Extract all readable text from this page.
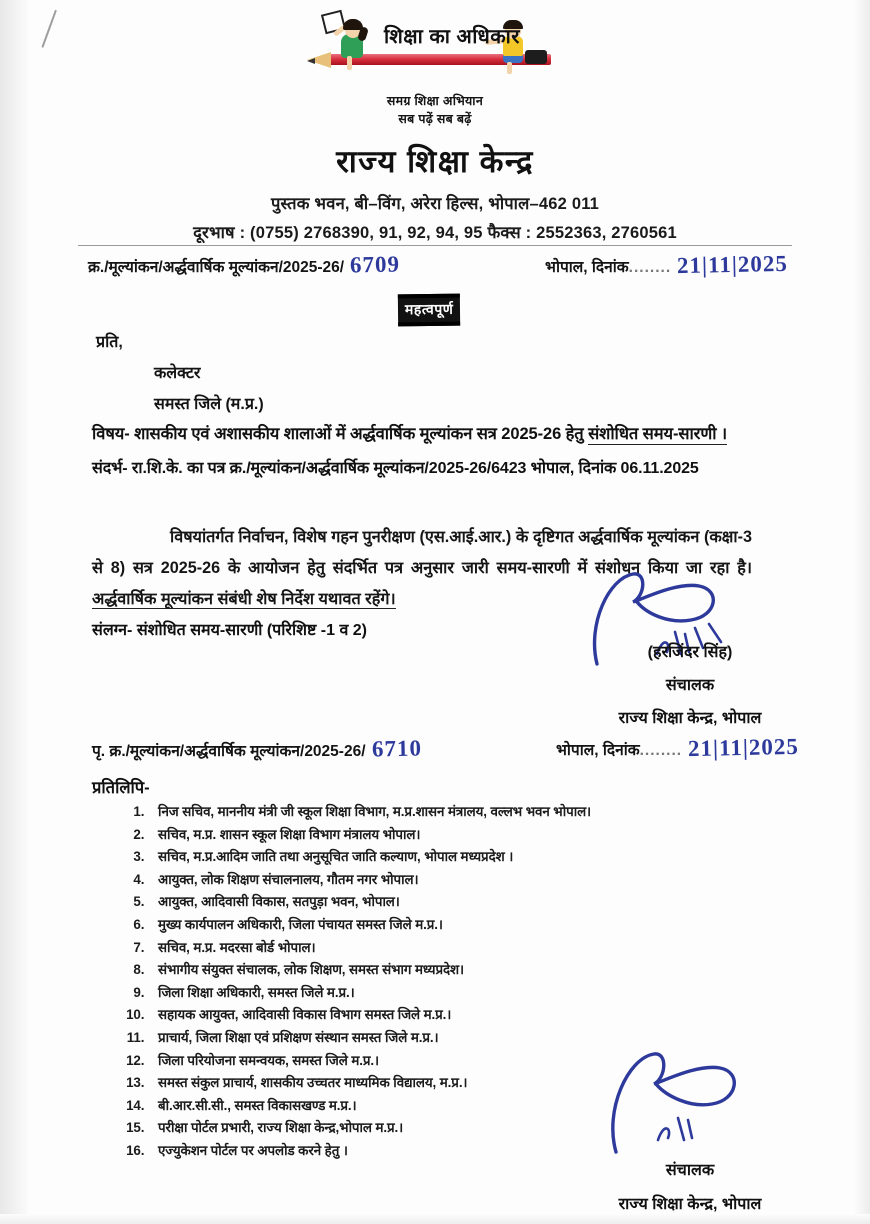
शिक्षा का अधिकार
समग्र शिक्षा अभियान
सब पढ़ें सब बढ़ें
राज्य शिक्षा केन्द्र
पुस्तक भवन, बी–विंग, अरेरा हिल्स, भोपाल–462 011
दूरभाष : (0755) 2768390, 91, 92, 94, 95 फैक्स : 2552363, 2760561
क्र./मूल्यांकन/अर्द्धवार्षिक मूल्यांकन/2025-26/ 6709	भोपाल, दिनांक........ 21|11|2025
महत्वपूर्ण
प्रति,
कलेक्टर
समस्त जिले (म.प्र.)
विषय- शासकीय एवं अशासकीय शालाओं में अर्द्धवार्षिक मूल्यांकन सत्र 2025-26 हेतु संशोधित समय-सारणी ।
संदर्भ- रा.शि.के. का पत्र क्र./मूल्यांकन/अर्द्धवार्षिक मूल्यांकन/2025-26/6423 भोपाल, दिनांक 06.11.2025
विषयांतर्गत निर्वाचन, विशेष गहन पुनरीक्षण (एस.आई.आर.) के दृष्टिगत अर्द्धवार्षिक मूल्यांकन (कक्षा-3 से 8) सत्र 2025-26 के आयोजन हेतु संदर्भित पत्र अनुसार जारी समय-सारणी में संशोधन किया जा रहा है। अर्द्धवार्षिक मूल्यांकन संबंधी शेष निर्देश यथावत रहेंगे।
संलग्न- संशोधित समय-सारणी (परिशिष्ट -1 व 2)
(हरजिंदर सिंह)
संचालक
राज्य शिक्षा केन्द्र, भोपाल
भोपाल, दिनांक........ 21|11|2025
पृ. क्र./मूल्यांकन/अर्द्धवार्षिक मूल्यांकन/2025-26/ 6710
प्रतिलिपि-
1. निज सचिव, माननीय मंत्री जी स्कूल शिक्षा विभाग, म.प्र.शासन मंत्रालय, वल्लभ भवन भोपाल।
2. सचिव, म.प्र. शासन स्कूल शिक्षा विभाग मंत्रालय भोपाल।
3. सचिव, म.प्र.आदिम जाति तथा अनुसूचित जाति कल्याण, भोपाल मध्यप्रदेश ।
4. आयुक्त, लोक शिक्षण संचालनालय, गौतम नगर भोपाल।
5. आयुक्त, आदिवासी विकास, सतपुड़ा भवन, भोपाल।
6. मुख्य कार्यपालन अधिकारी, जिला पंचायत समस्त जिले म.प्र.।
7. सचिव, म.प्र. मदरसा बोर्ड भोपाल।
8. संभागीय संयुक्त संचालक, लोक शिक्षण, समस्त संभाग मध्यप्रदेश।
9. जिला शिक्षा अधिकारी, समस्त जिले म.प्र.।
10. सहायक आयुक्त, आदिवासी विकास विभाग समस्त जिले म.प्र.।
11. प्राचार्य, जिला शिक्षा एवं प्रशिक्षण संस्थान समस्त जिले म.प्र.।
12. जिला परियोजना समन्वयक, समस्त जिले म.प्र.।
13. समस्त संकुल प्राचार्य, शासकीय उच्चतर माध्यमिक विद्यालय, म.प्र.।
14. बी.आर.सी.सी., समस्त विकासखण्ड म.प्र.।
15. परीक्षा पोर्टल प्रभारी, राज्य शिक्षा केन्द्र,भोपाल म.प्र.।
16. एज्युकेशन पोर्टल पर अपलोड करने हेतु ।
संचालक
राज्य शिक्षा केन्द्र, भोपाल
